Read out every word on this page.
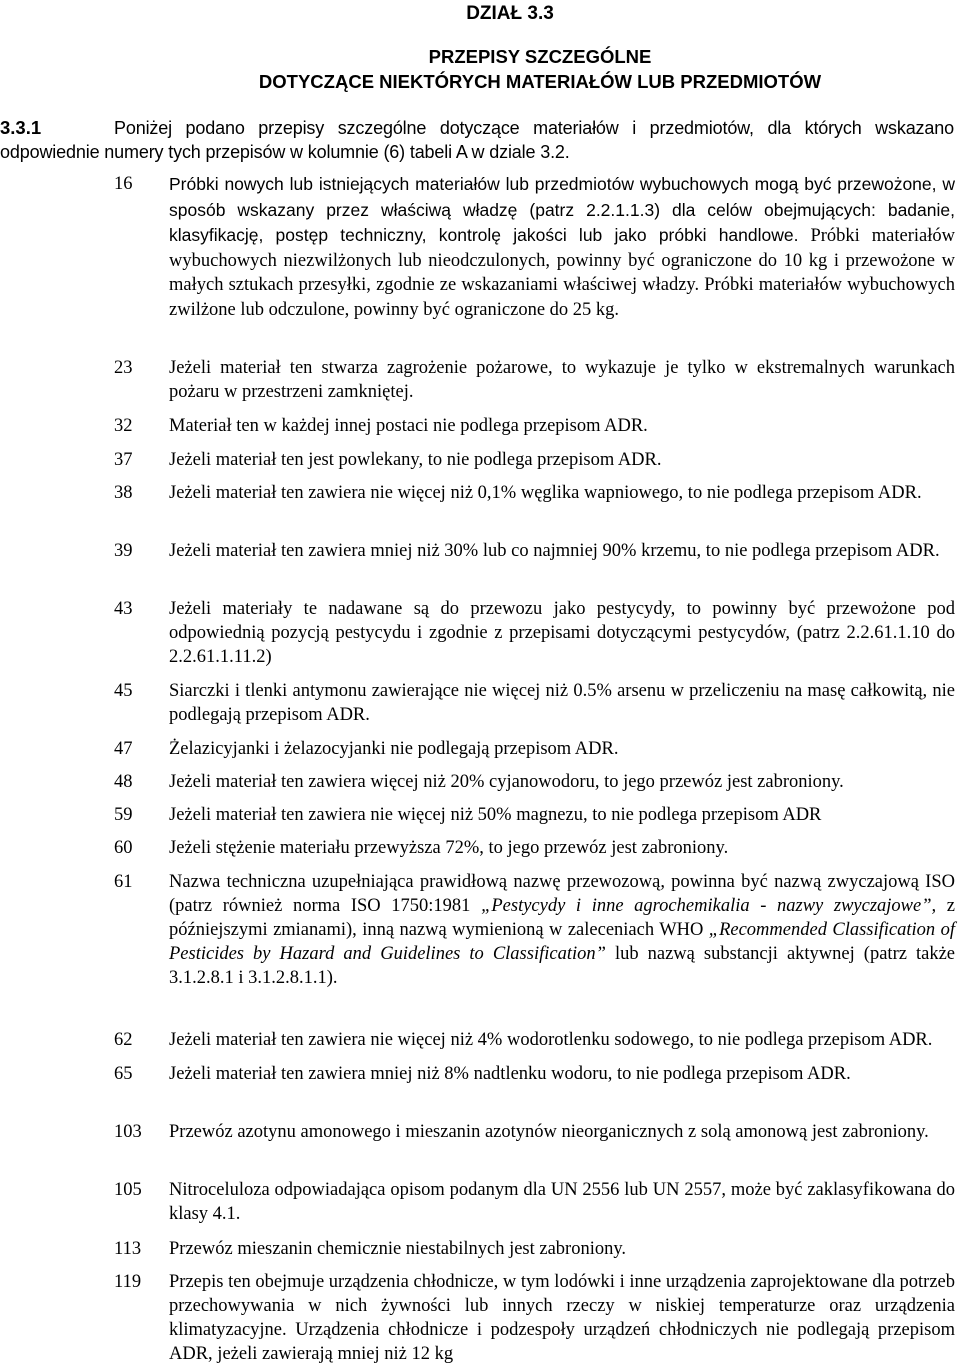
DZIAŁ 3.3
PRZEPISY SZCZEGÓLNE
DOTYCZĄCE NIEKTÓRYCH MATERIAŁÓW LUB PRZEDMIOTÓW
3.3.1	Poniżej podano przepisy szczególne dotyczące materiałów i przedmiotów, dla których wskazano odpowiednie numery tych przepisów w kolumnie (6) tabeli A w dziale 3.2.

16 Próbki nowych lub istniejących materiałów lub przedmiotów wybuchowych mogą być przewożone, w sposób wskazany przez właściwą władzę (patrz 2.2.1.1.3) dla celów obejmujących: badanie, klasyfikację, postęp techniczny, kontrolę jakości lub jako próbki handlowe. Próbki materiałów wybuchowych niezwilżonych lub nieodczulonych, powinny być ograniczone do 10 kg i przewożone w małych sztukach przesyłki, zgodnie ze wskazaniami właściwej władzy. Próbki materiałów wybuchowych zwilżone lub odczulone, powinny być ograniczone do 25 kg.

23 Jeżeli materiał ten stwarza zagrożenie pożarowe, to wykazuje je tylko w ekstremalnych warunkach pożaru w przestrzeni zamkniętej.

32 Materiał ten w każdej innej postaci nie podlega przepisom ADR.

37 Jeżeli materiał ten jest powlekany, to nie podlega przepisom ADR.

38 Jeżeli materiał ten zawiera nie więcej niż 0,1% węglika wapniowego, to nie podlega przepisom ADR.

39 Jeżeli materiał ten zawiera mniej niż 30% lub co najmniej 90% krzemu, to nie podlega przepisom ADR.

43 Jeżeli materiały te nadawane są do przewozu jako pestycydy, to powinny być przewożone pod odpowiednią pozycją pestycydu i zgodnie z przepisami dotyczącymi pestycydów, (patrz 2.2.61.1.10 do 2.2.61.1.11.2)

45 Siarczki i tlenki antymonu zawierające nie więcej niż 0.5% arsenu w przeliczeniu na masę całkowitą, nie podlegają przepisom ADR.

47 Żelazicyjanki i żelazocyjanki nie podlegają przepisom ADR.

48 Jeżeli materiał ten zawiera więcej niż 20% cyjanowodoru, to jego przewóz jest zabroniony.

59 Jeżeli materiał ten zawiera nie więcej niż 50% magnezu, to nie podlega przepisom ADR

60 Jeżeli stężenie materiału przewyższa 72%, to jego przewóz jest zabroniony.

61 Nazwa techniczna uzupełniająca prawidłową nazwę przewozową, powinna być nazwą zwyczajową ISO (patrz również norma ISO 1750:1981 „Pestycydy i inne agrochemikalia - nazwy zwyczajowe”, z późniejszymi zmianami), inną nazwą wymienioną w zaleceniach WHO „Recommended Classification of Pesticides by Hazard and Guidelines to Classification” lub nazwą substancji aktywnej (patrz także 3.1.2.8.1 i 3.1.2.8.1.1).

62 Jeżeli materiał ten zawiera nie więcej niż 4% wodorotlenku sodowego, to nie podlega przepisom ADR.

65 Jeżeli materiał ten zawiera mniej niż 8% nadtlenku wodoru, to nie podlega przepisom ADR.

103 Przewóz azotynu amonowego i mieszanin azotynów nieorganicznych z solą amonową jest zabroniony.

105 Nitroceluloza odpowiadająca opisom podanym dla UN 2556 lub UN 2557, może być zaklasyfikowana do klasy 4.1.

113 Przewóz mieszanin chemicznie niestabilnych jest zabroniony.

119 Przepis ten obejmuje urządzenia chłodnicze, w tym lodówki i inne urządzenia zaprojektowane dla potrzeb przechowywania w nich żywności lub innych rzeczy w niskiej temperaturze oraz urządzenia klimatyzacyjne. Urządzenia chłodnicze i podzespoły urządzeń chłodniczych nie podlegają przepisom ADR, jeżeli zawierają mniej niż 12 kg
